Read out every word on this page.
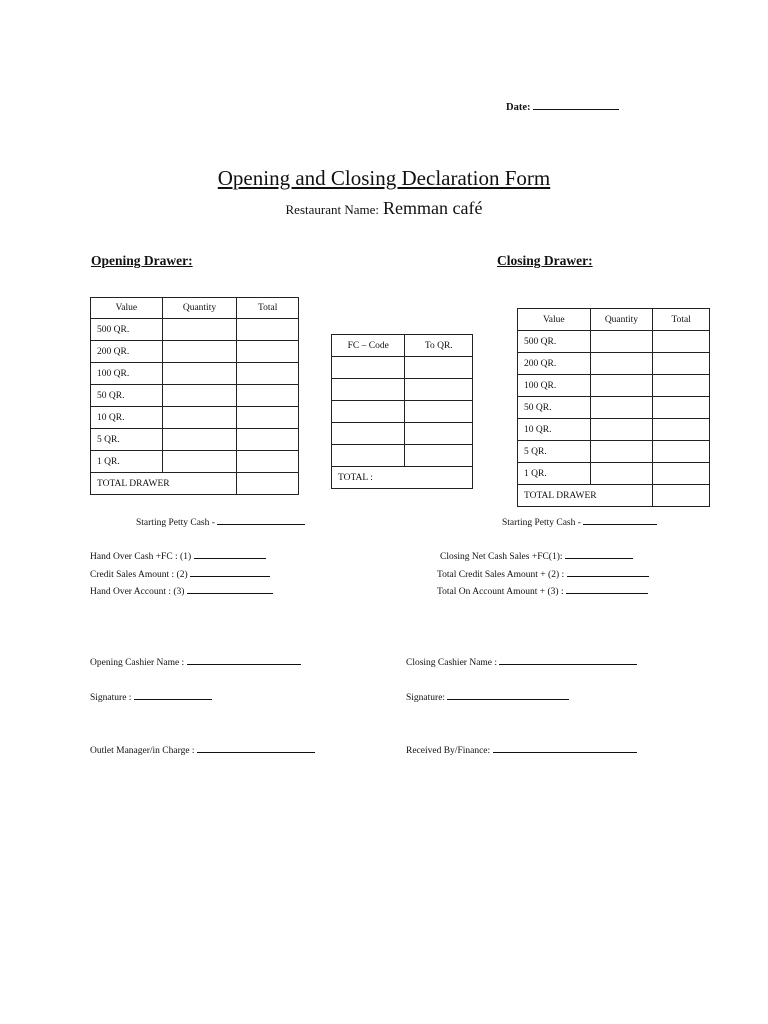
Date:
Opening and Closing Declaration Form
Restaurant Name: Remman café
Opening Drawer:	Closing Drawer:
Value	Quantity	Total
500 QR.		
200 QR.		
100 QR.		
50 QR.		
10 QR.		
5 QR.		
1 QR.		
TOTAL DRAWER		
FC – Code	To QR.

TOTAL :	
Value	Quantity	Total
500 QR.		
200 QR.		
100 QR.		
50 QR.		
10 QR.		
5 QR.		
1 QR.		
TOTAL DRAWER		
Starting Petty Cash -	Starting Petty Cash -
Hand Over Cash +FC : (1)
Credit Sales Amount : (2)
Hand Over Account : (3)
Closing Net Cash Sales +FC(1):
Total Credit Sales Amount + (2) :
Total On Account Amount + (3) :
Opening Cashier Name :	Closing Cashier Name :
Signature :	Signature:
Outlet Manager/in Charge :	Received By/Finance:
